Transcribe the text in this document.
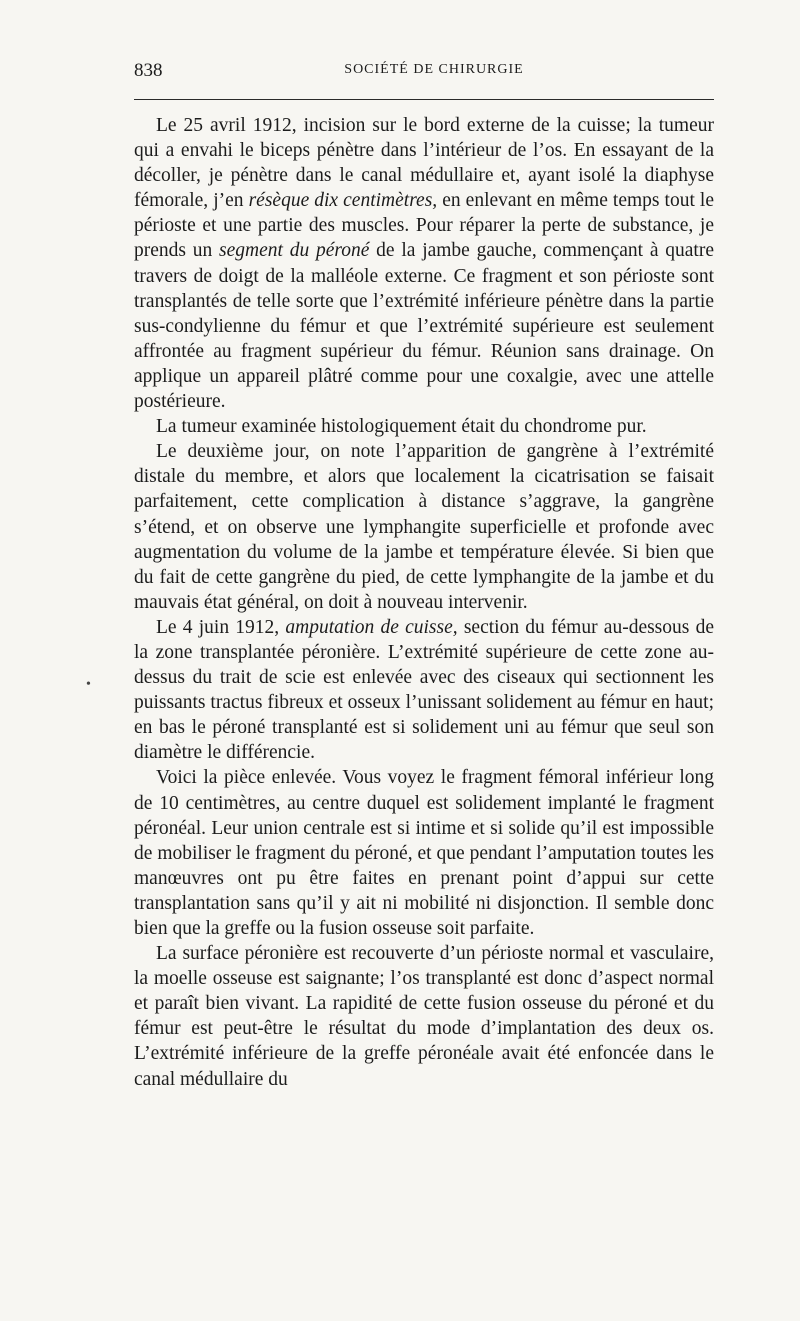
838	SOCIÉTÉ DE CHIRURGIE
•

Le 25 avril 1912, incision sur le bord externe de la cuisse; la tumeur qui a envahi le biceps pénètre dans l’intérieur de l’os. En essayant de la décoller, je pénètre dans le canal médullaire et, ayant isolé la diaphyse fémorale, j’en résèque dix centimètres, en enlevant en même temps tout le périoste et une partie des muscles. Pour réparer la perte de substance, je prends un segment du péroné de la jambe gauche, commençant à quatre travers de doigt de la malléole externe. Ce fragment et son périoste sont transplantés de telle sorte que l’extrémité inférieure pénètre dans la partie sus-condylienne du fémur et que l’extrémité supérieure est seulement affrontée au fragment supérieur du fémur. Réunion sans drainage. On applique un appareil plâtré comme pour une coxalgie, avec une attelle postérieure.

La tumeur examinée histologiquement était du chondrome pur.

Le deuxième jour, on note l’apparition de gangrène à l’extrémité distale du membre, et alors que localement la cicatrisation se faisait parfaitement, cette complication à distance s’aggrave, la gangrène s’étend, et on observe une lymphangite superficielle et profonde avec augmentation du volume de la jambe et température élevée. Si bien que du fait de cette gangrène du pied, de cette lymphangite de la jambe et du mauvais état général, on doit à nouveau intervenir.

Le 4 juin 1912, amputation de cuisse, section du fémur au-dessous de la zone transplantée péronière. L’extrémité supérieure de cette zone au-dessus du trait de scie est enlevée avec des ciseaux qui sectionnent les puissants tractus fibreux et osseux l’unissant solidement au fémur en haut; en bas le péroné transplanté est si solidement uni au fémur que seul son diamètre le différencie.

Voici la pièce enlevée. Vous voyez le fragment fémoral inférieur long de 10 centimètres, au centre duquel est solidement implanté le fragment péronéal. Leur union centrale est si intime et si solide qu’il est impossible de mobiliser le fragment du péroné, et que pendant l’amputation toutes les manœuvres ont pu être faites en prenant point d’appui sur cette transplantation sans qu’il y ait ni mobilité ni disjonction. Il semble donc bien que la greffe ou la fusion osseuse soit parfaite.

La surface péronière est recouverte d’un périoste normal et vasculaire, la moelle osseuse est saignante; l’os transplanté est donc d’aspect normal et paraît bien vivant. La rapidité de cette fusion osseuse du péroné et du fémur est peut-être le résultat du mode d’implantation des deux os. L’extrémité inférieure de la greffe péronéale avait été enfoncée dans le canal médullaire du
